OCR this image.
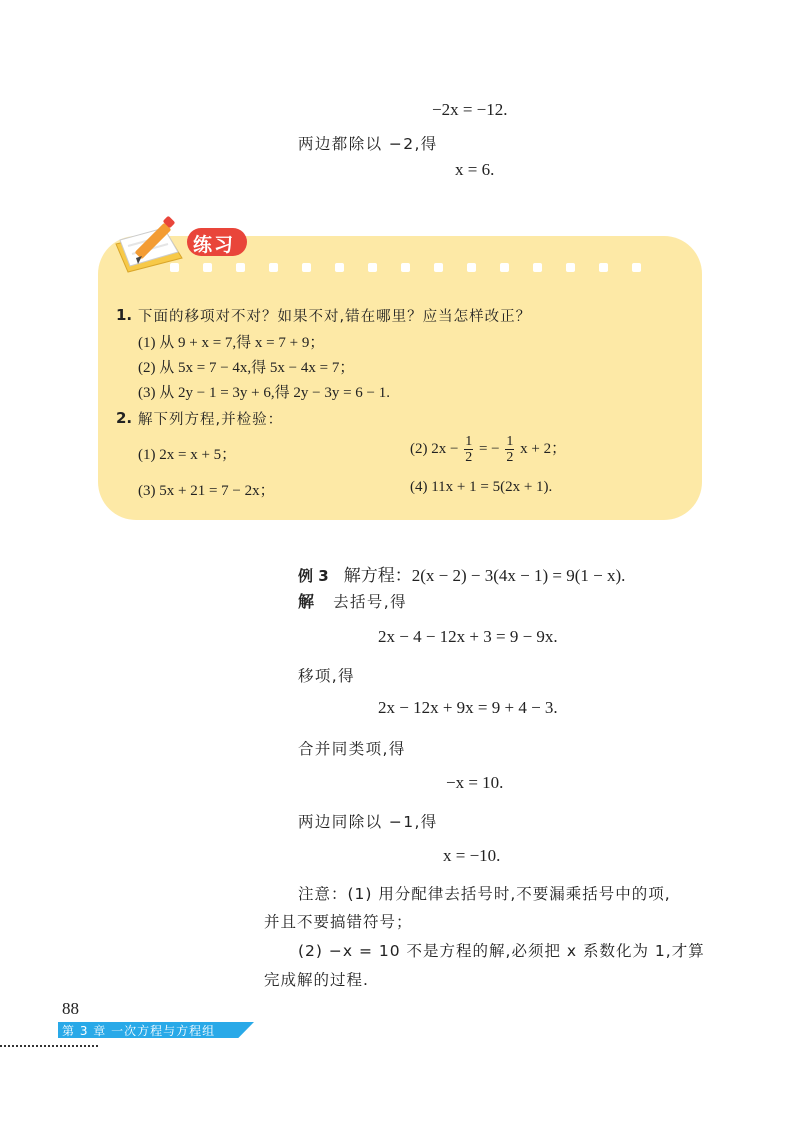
−2x = −12.
两边都除以 −2,得
x = 6.
练习
1. 下面的移项对不对？如果不对,错在哪里？应当怎样改正？
(1) 从 9 + x = 7,得 x = 7 + 9；
(2) 从 5x = 7 − 4x,得 5x − 4x = 7；
(3) 从 2y − 1 = 3y + 6,得 2y − 3y = 6 − 1.
2. 解下列方程,并检验：
(1) 2x = x + 5；	(2) $2x - \frac{1}{2}$ = − $\frac{1}{2}$ x + 2；
(3) 5x + 21 = 7 − 2x；	(4) 11x + 1 = 5(2x + 1).
例 3 解方程：2(x − 2) − 3(4x − 1) = 9(1 − x).
解 去括号,得
2x − 4 − 12x + 3 = 9 − 9x.
移项,得
2x − 12x + 9x = 9 + 4 − 3.
合并同类项,得
−x = 10.
两边同除以 −1,得
x = −10.
注意：(1) 用分配律去括号时,不要漏乘括号中的项,
并且不要搞错符号；
(2) −x = 10 不是方程的解,必须把 x 系数化为 1,才算
完成解的过程.
88
第 3 章 一次方程与方程组
